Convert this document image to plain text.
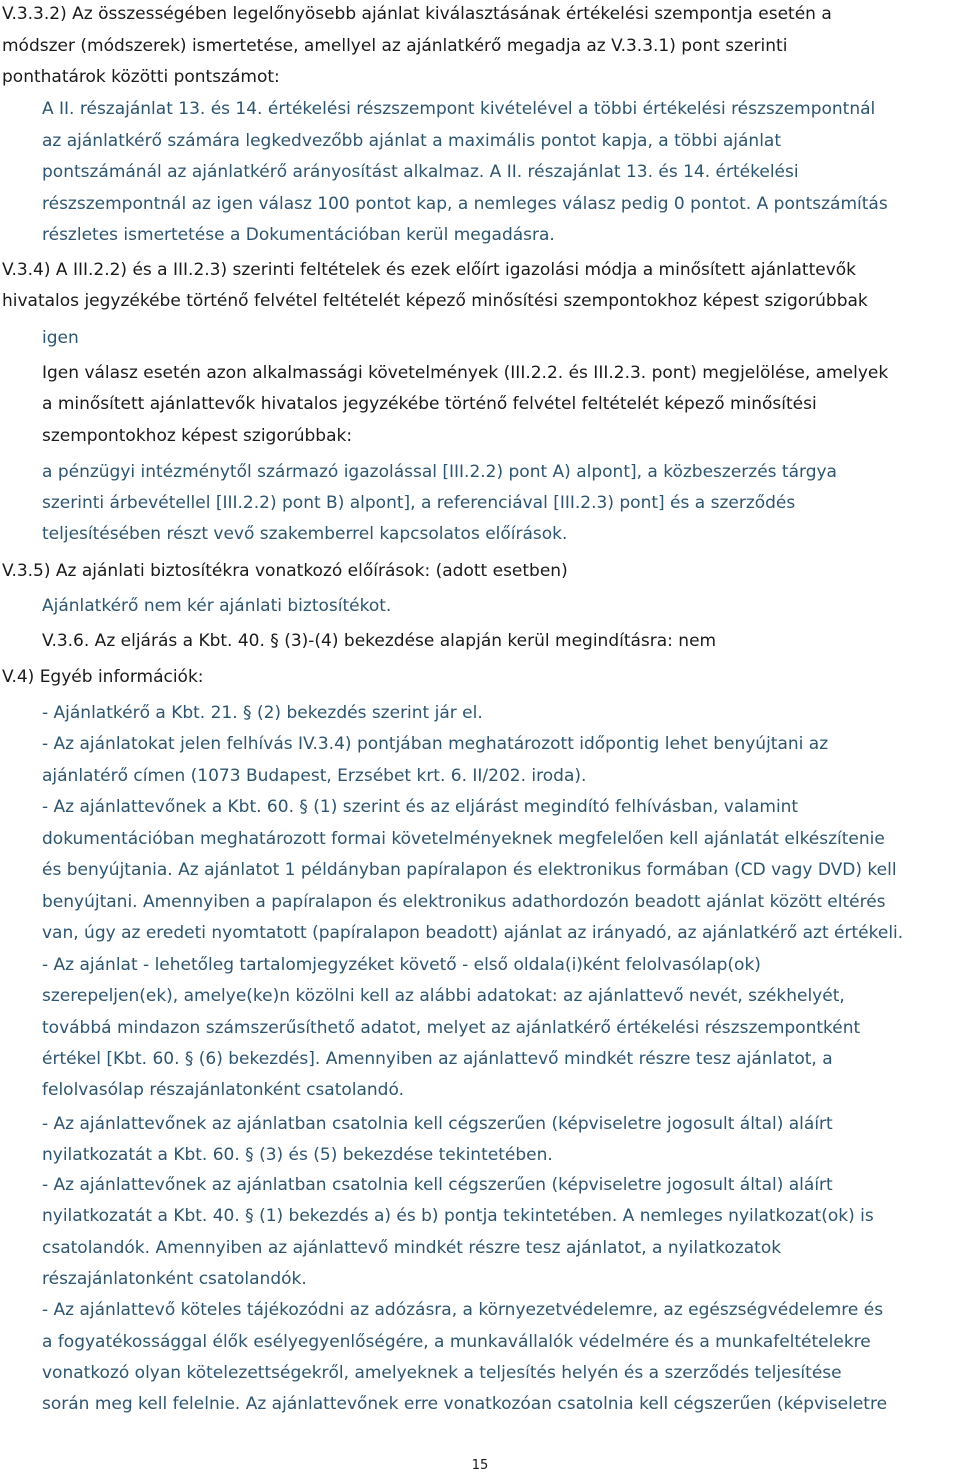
V.3.3.2) Az összességében legelőnyösebb ajánlat kiválasztásának értékelési szempontja esetén a
módszer (módszerek) ismertetése, amellyel az ajánlatkérő megadja az V.3.3.1) pont szerinti
ponthatárok közötti pontszámot:
A II. részajánlat 13. és 14. értékelési részszempont kivételével a többi értékelési részszempontnál
az ajánlatkérő számára legkedvezőbb ajánlat a maximális pontot kapja, a többi ajánlat
pontszámánál az ajánlatkérő arányosítást alkalmaz. A II. részajánlat 13. és 14. értékelési
részszempontnál az igen válasz 100 pontot kap, a nemleges válasz pedig 0 pontot. A pontszámítás
részletes ismertetése a Dokumentációban kerül megadásra.
V.3.4) A III.2.2) és a III.2.3) szerinti feltételek és ezek előírt igazolási módja a minősített ajánlattevők
hivatalos jegyzékébe történő felvétel feltételét képező minősítési szempontokhoz képest szigorúbbak
igen
Igen válasz esetén azon alkalmassági követelmények (III.2.2. és III.2.3. pont) megjelölése, amelyek
a minősített ajánlattevők hivatalos jegyzékébe történő felvétel feltételét képező minősítési
szempontokhoz képest szigorúbbak:
a pénzügyi intézménytől származó igazolással [III.2.2) pont A) alpont], a közbeszerzés tárgya
szerinti árbevétellel [III.2.2) pont B) alpont], a referenciával [III.2.3) pont] és a szerződés
teljesítésében részt vevő szakemberrel kapcsolatos előírások.
V.3.5) Az ajánlati biztosítékra vonatkozó előírások: (adott esetben)
Ajánlatkérő nem kér ajánlati biztosítékot.
V.3.6. Az eljárás a Kbt. 40. § (3)-(4) bekezdése alapján kerül megindításra: nem
V.4) Egyéb információk:
- Ajánlatkérő a Kbt. 21. § (2) bekezdés szerint jár el.
- Az ajánlatokat jelen felhívás IV.3.4) pontjában meghatározott időpontig lehet benyújtani az
ajánlatérő címen (1073 Budapest, Erzsébet krt. 6. II/202. iroda).
- Az ajánlattevőnek a Kbt. 60. § (1) szerint és az eljárást megindító felhívásban, valamint
dokumentációban meghatározott formai követelményeknek megfelelően kell ajánlatát elkészítenie
és benyújtania. Az ajánlatot 1 példányban papíralapon és elektronikus formában (CD vagy DVD) kell
benyújtani. Amennyiben a papíralapon és elektronikus adathordozón beadott ajánlat között eltérés
van, úgy az eredeti nyomtatott (papíralapon beadott) ajánlat az irányadó, az ajánlatkérő azt értékeli.
- Az ajánlat - lehetőleg tartalomjegyzéket követő - első oldala(i)ként felolvasólap(ok)
szerepeljen(ek), amelye(ke)n közölni kell az alábbi adatokat: az ajánlattevő nevét, székhelyét,
továbbá mindazon számszerűsíthető adatot, melyet az ajánlatkérő értékelési részszempontként
értékel [Kbt. 60. § (6) bekezdés]. Amennyiben az ajánlattevő mindkét részre tesz ajánlatot, a
felolvasólap részajánlatonként csatolandó.
- Az ajánlattevőnek az ajánlatban csatolnia kell cégszerűen (képviseletre jogosult által) aláírt
nyilatkozatát a Kbt. 60. § (3) és (5) bekezdése tekintetében.
- Az ajánlattevőnek az ajánlatban csatolnia kell cégszerűen (képviseletre jogosult által) aláírt
nyilatkozatát a Kbt. 40. § (1) bekezdés a) és b) pontja tekintetében. A nemleges nyilatkozat(ok) is
csatolandók. Amennyiben az ajánlattevő mindkét részre tesz ajánlatot, a nyilatkozatok
részajánlatonként csatolandók.
- Az ajánlattevő köteles tájékozódni az adózásra, a környezetvédelemre, az egészségvédelemre és
a fogyatékossággal élők esélyegyenlőségére, a munkavállalók védelmére és a munkafeltételekre
vonatkozó olyan kötelezettségekről, amelyeknek a teljesítés helyén és a szerződés teljesítése
során meg kell felelnie. Az ajánlattevőnek erre vonatkozóan csatolnia kell cégszerűen (képviseletre
15
